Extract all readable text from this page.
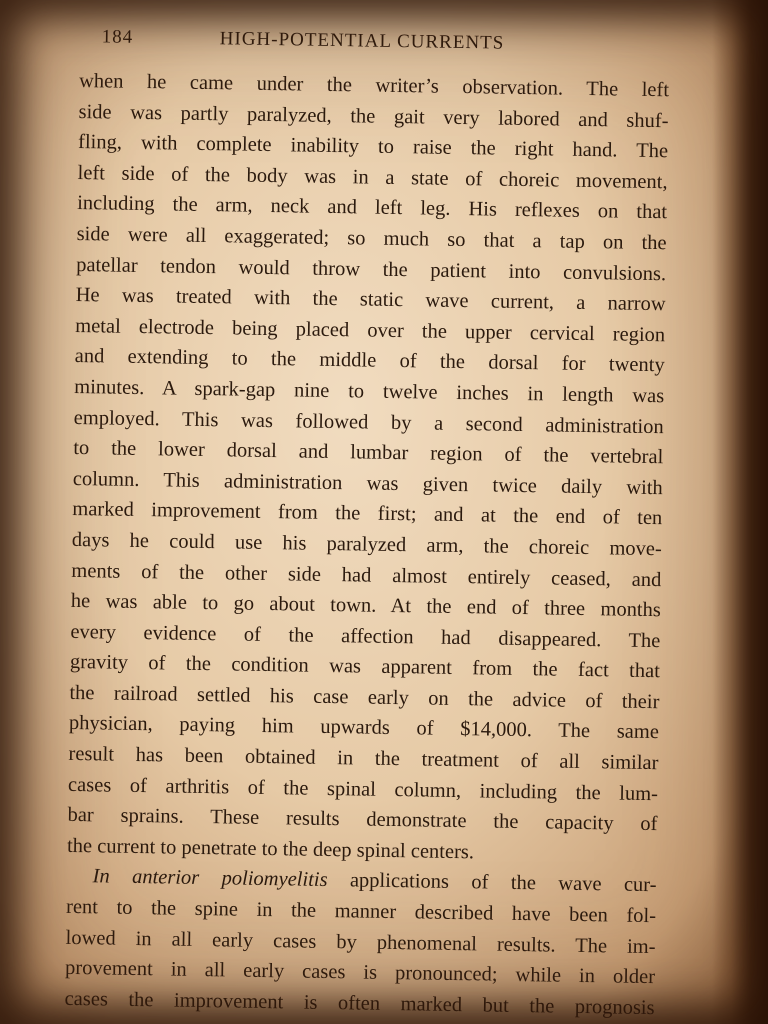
184	HIGH-POTENTIAL CURRENTS
when he came under the writer’s observation. The left
side was partly paralyzed, the gait very labored and shuf-
fling, with complete inability to raise the right hand. The
left side of the body was in a state of choreic movement,
including the arm, neck and left leg. His reflexes on that
side were all exaggerated; so much so that a tap on the
patellar tendon would throw the patient into convulsions.
He was treated with the static wave current, a narrow
metal electrode being placed over the upper cervical region
and extending to the middle of the dorsal for twenty
minutes. A spark-gap nine to twelve inches in length was
employed. This was followed by a second administration
to the lower dorsal and lumbar region of the vertebral
column. This administration was given twice daily with
marked improvement from the first; and at the end of ten
days he could use his paralyzed arm, the choreic move-
ments of the other side had almost entirely ceased, and
he was able to go about town. At the end of three months
every evidence of the affection had disappeared. The
gravity of the condition was apparent from the fact that
the railroad settled his case early on the advice of their
physician, paying him upwards of $14,000. The same
result has been obtained in the treatment of all similar
cases of arthritis of the spinal column, including the lum-
bar sprains. These results demonstrate the capacity of
the current to penetrate to the deep spinal centers.
In anterior poliomyelitis applications of the wave cur-
rent to the spine in the manner described have been fol-
lowed in all early cases by phenomenal results. The im-
provement in all early cases is pronounced; while in older
cases the improvement is often marked but the prognosis
